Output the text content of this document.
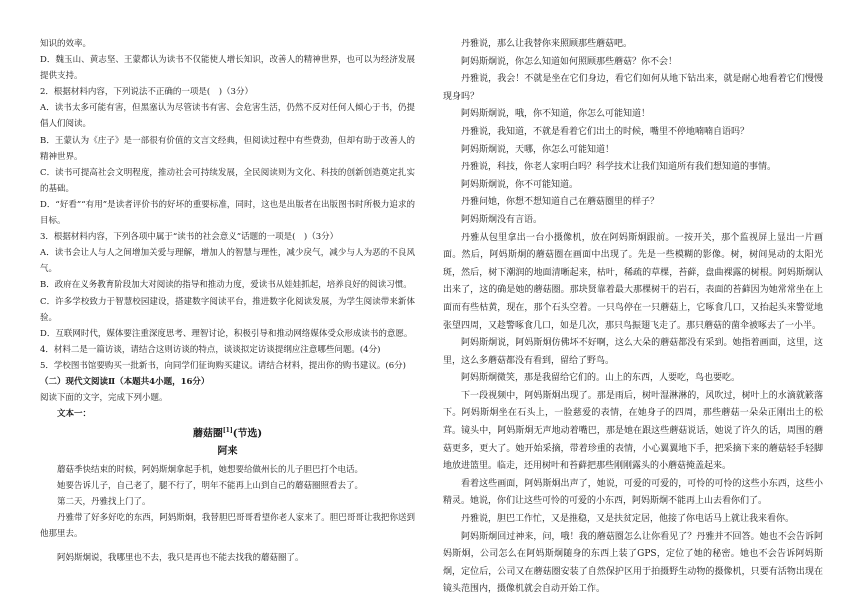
知识的效率。

D．魏玉山、黄志坚、王蒙都认为读书不仅能使人增长知识，改善人的精神世界，也可以为经济发展提供支持。

2．根据材料内容，下列说法不正确的一项是(　)（3分）

A．读书太多可能有害，但黑塞认为尽管读书有害、会危害生活，仍然不反对任何人倾心于书，仍提倡人们阅读。

B．王蒙认为《庄子》是一部很有价值的文言文经典，但阅读过程中有些费劲，但却有助于改善人的精神世界。

C．读书可提高社会文明程度，推动社会可持续发展，全民阅读则为文化、科技的创新创造奠定扎实的基础。

D．“好看”“有用”是读者评价书的好坏的重要标准，同时，这也是出版者在出版图书时所极力追求的目标。

3．根据材料内容，下列各项中属于“读书的社会意义”话题的一项是(　)（3分）

A．读书会让人与人之间增加关爱与理解，增加人的智慧与理性，减少戾气，减少与人为恶的不良风气。

B．政府在义务教育阶段加大对阅读的指导和推动力度，爱读书从娃娃抓起，培养良好的阅读习惯。

C．许多学校致力于智慧校园建设，搭建数字阅读平台，推进数字化阅读发展，为学生阅读带来新体验。

D．互联网时代，媒体要注重深度思考、理智讨论，积极引导和推动网络媒体受众形成读书的意愿。

4．材料二是一篇访谈，请结合这则访谈的特点，谈谈拟定访谈提纲应注意哪些问题。(4分)

5．学校图书馆要购买一批新书，向同学们征询购买建议。请结合材料，提出你的购书建议。(6分)

（二）现代文阅读Ⅱ（本题共4小题，16分）

阅读下面的文字，完成下列小题。

文本一：

蘑菇圈[1](节选)

阿来

蘑菇季快结束的时候，阿妈斯炯拿起手机，她想要给做州长的儿子胆巴打个电话。

她要告诉儿子，自己老了，腿不行了，明年不能再上山到自己的蘑菇圈照看去了。

第二天，丹雅找上门了。

丹雅带了好多好吃的东西，阿妈斯炯，我替胆巴哥哥看望你老人家来了。胆巴哥哥让我把你送到他那里去。

阿妈斯炯说，我哪里也不去，我只是再也不能去找我的蘑菇圈了。

丹雅说，那么让我替你来照顾那些蘑菇吧。

阿妈斯炯说，你怎么知道如何照顾那些蘑菇？你不会！

丹雅说，我会！不就是坐在它们身边，看它们如何从地下钻出来，就是耐心地看着它们慢慢现身吗？

阿妈斯炯说，哦，你不知道，你怎么可能知道！

丹雅说，我知道，不就是看着它们出土的时候，嘴里不停地喃喃自语吗？

阿妈斯炯说，天哪，你怎么可能知道！

丹雅说，科技，你老人家明白吗？科学技术让我们知道所有我们想知道的事情。

阿妈斯炯说，你不可能知道。

丹雅问她，你想不想知道自己在蘑菇圈里的样子？

阿妈斯炯没有言语。

丹雅从包里拿出一台小摄像机，放在阿妈斯炯跟前。一按开关，那个监视屏上显出一片画面。然后，阿妈斯炯的蘑菇圈在画面中出现了。先是一些模糊的影像。树，树间晃动的太阳光斑，然后，树下潮润的地面清晰起来，枯叶，稀疏的草棵，苔藓，盘曲裸露的树根。阿妈斯炯认出来了，这的确是她的蘑菇圈。那块贤靠着最大那棵树干的岩石，表面的苔藓因为她常常坐在上面而有些枯黄，现在，那个石头空着。一只鸟停在一只蘑菇上，它啄食几口，又抬起头来警觉地张望四周，又趁警啄食几口，如是几次，那只鸟振翅飞走了。那只蘑菇的菌伞被啄去了一小半。

阿妈斯炯说，阿妈斯炯仿佛坏不好啊，这么大朵的蘑菇都没有采到。她指着画面，这里，这里，这么多蘑菇都没有看到，留给了野鸟。

阿妈斯炯微笑，那是我留给它们的。山上的东西，人要吃，鸟也要吃。

下一段视频中，阿妈斯炯出现了。那是雨后，树叶湿淋淋的，风吹过，树叶上的水滴就簌落下。阿妈斯炯坐在石头上，一脸慈爱的表情，在她身子的四周，那些蘑菇一朵朵正刚出土的松茸。镜头中，阿妈斯炯无声地动着嘴巴，那是她在跟这些蘑菇说话，她说了许久的话，周围的蘑菇更多，更大了。她开始采摘，带着珍重的表情，小心翼翼地下手，把采摘下来的蘑菇轻手轻脚地放进篮里。临走，还用树叶和苔藓把那些刚刚露头的小蘑菇掩盖起来。

看着这些画面，阿妈斯炯出声了，她说，可爱的可爱的，可怜的可怜的这些小东西，这些小精灵。她说，你们让这些可怜的可爱的小东西，阿妈斯炯不能再上山去看你们了。

丹雅说，胆巴工作忙，又是推稳，又是扶贫定居，他接了你电话马上就让我来看你。

阿妈斯炯回过神来，问，哦！我的蘑菇圈怎么让你看见了？丹雅并不回答。她也不会告诉阿妈斯炯，公司怎么在阿妈斯炯随身的东西上装了GPS，定位了她的秘密。她也不会告诉阿妈斯炯，定位后，公司又在蘑菇圈安装了自然保护区用于拍摄野生动物的摄像机，只要有活物出现在镜头范围内，摄像机就会自动开始工作。
